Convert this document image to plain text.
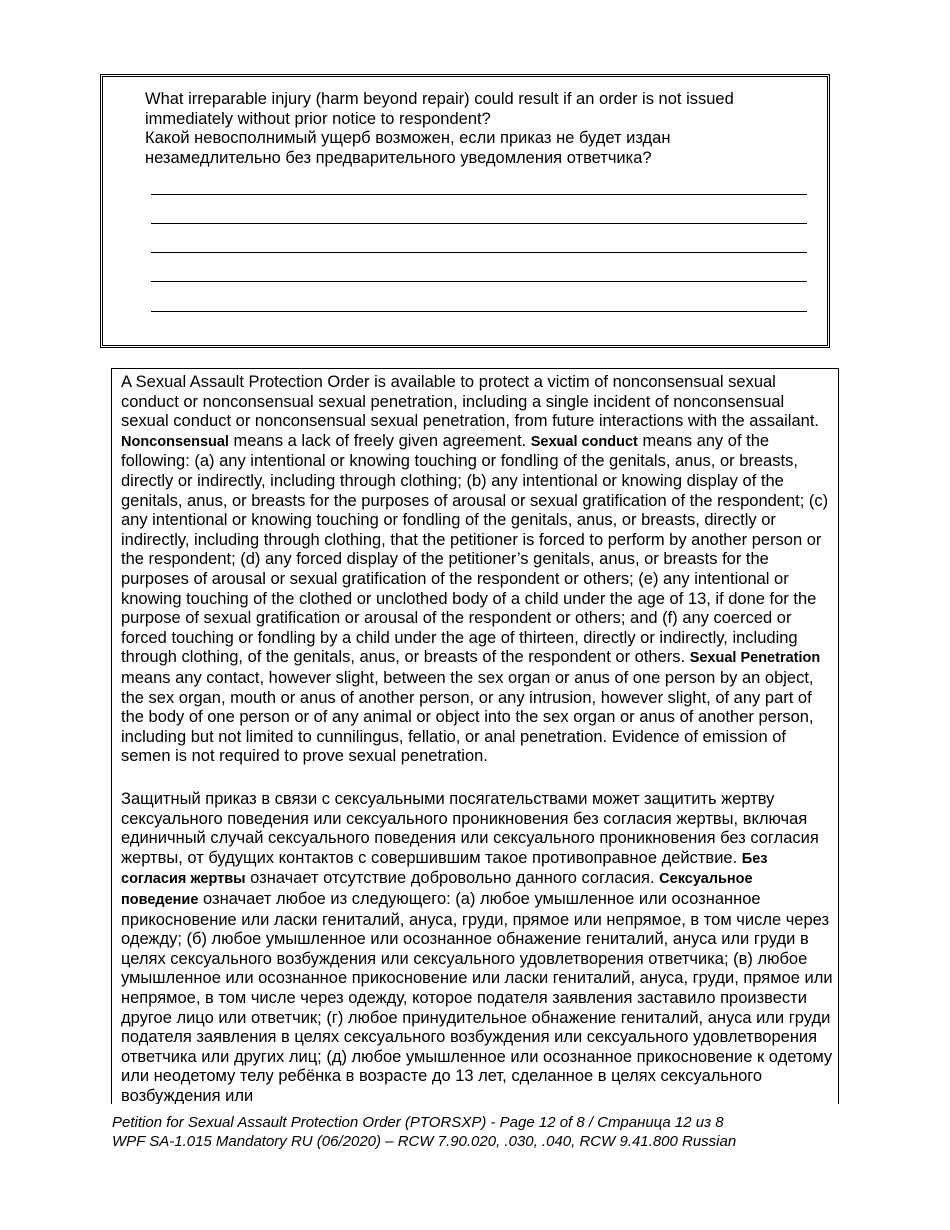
What irreparable injury (harm beyond repair) could result if an order is not issued immediately without prior notice to respondent?
Какой невосполнимый ущерб возможен, если приказ не будет издан незамедлительно без предварительного уведомления ответчика?

A Sexual Assault Protection Order is available to protect a victim of nonconsensual sexual conduct or nonconsensual sexual penetration, including a single incident of nonconsensual sexual conduct or nonconsensual sexual penetration, from future interactions with the assailant. Nonconsensual means a lack of freely given agreement. Sexual conduct means any of the following: (a) any intentional or knowing touching or fondling of the genitals, anus, or breasts, directly or indirectly, including through clothing; (b) any intentional or knowing display of the genitals, anus, or breasts for the purposes of arousal or sexual gratification of the respondent; (c) any intentional or knowing touching or fondling of the genitals, anus, or breasts, directly or indirectly, including through clothing, that the petitioner is forced to perform by another person or the respondent; (d) any forced display of the petitioner’s genitals, anus, or breasts for the purposes of arousal or sexual gratification of the respondent or others; (e) any intentional or knowing touching of the clothed or unclothed body of a child under the age of 13, if done for the purpose of sexual gratification or arousal of the respondent or others; and (f) any coerced or forced touching or fondling by a child under the age of thirteen, directly or indirectly, including through clothing, of the genitals, anus, or breasts of the respondent or others. Sexual Penetration means any contact, however slight, between the sex organ or anus of one person by an object, the sex organ, mouth or anus of another person, or any intrusion, however slight, of any part of the body of one person or of any animal or object into the sex organ or anus of another person, including but not limited to cunnilingus, fellatio, or anal penetration. Evidence of emission of semen is not required to prove sexual penetration.

Защитный приказ в связи с сексуальными посягательствами может защитить жертву сексуального поведения или сексуального проникновения без согласия жертвы, включая единичный случай сексуального поведения или сексуального проникновения без согласия жертвы, от будущих контактов с совершившим такое противоправное действие. Без согласия жертвы означает отсутствие добровольно данного согласия. Сексуальное поведение означает любое из следующего: (а) любое умышленное или осознанное прикосновение или ласки гениталий, ануса, груди, прямое или непрямое, в том числе через одежду; (б) любое умышленное или осознанное обнажение гениталий, ануса или груди в целях сексуального возбуждения или сексуального удовлетворения ответчика; (в) любое умышленное или осознанное прикосновение или ласки гениталий, ануса, груди, прямое или непрямое, в том числе через одежду, которое подателя заявления заставило произвести другое лицо или ответчик; (г) любое принудительное обнажение гениталий, ануса или груди подателя заявления в целях сексуального возбуждения или сексуального удовлетворения ответчика или других лиц; (д) любое умышленное или осознанное прикосновение к одетому или неодетому телу ребёнка в возрасте до 13 лет, сделанное в целях сексуального возбуждения или

Petition for Sexual Assault Protection Order (PTORSXP) - Page 12 of 8 / Страница 12 из 8
WPF SA-1.015 Mandatory RU (06/2020) – RCW 7.90.020, .030, .040, RCW 9.41.800 Russian
